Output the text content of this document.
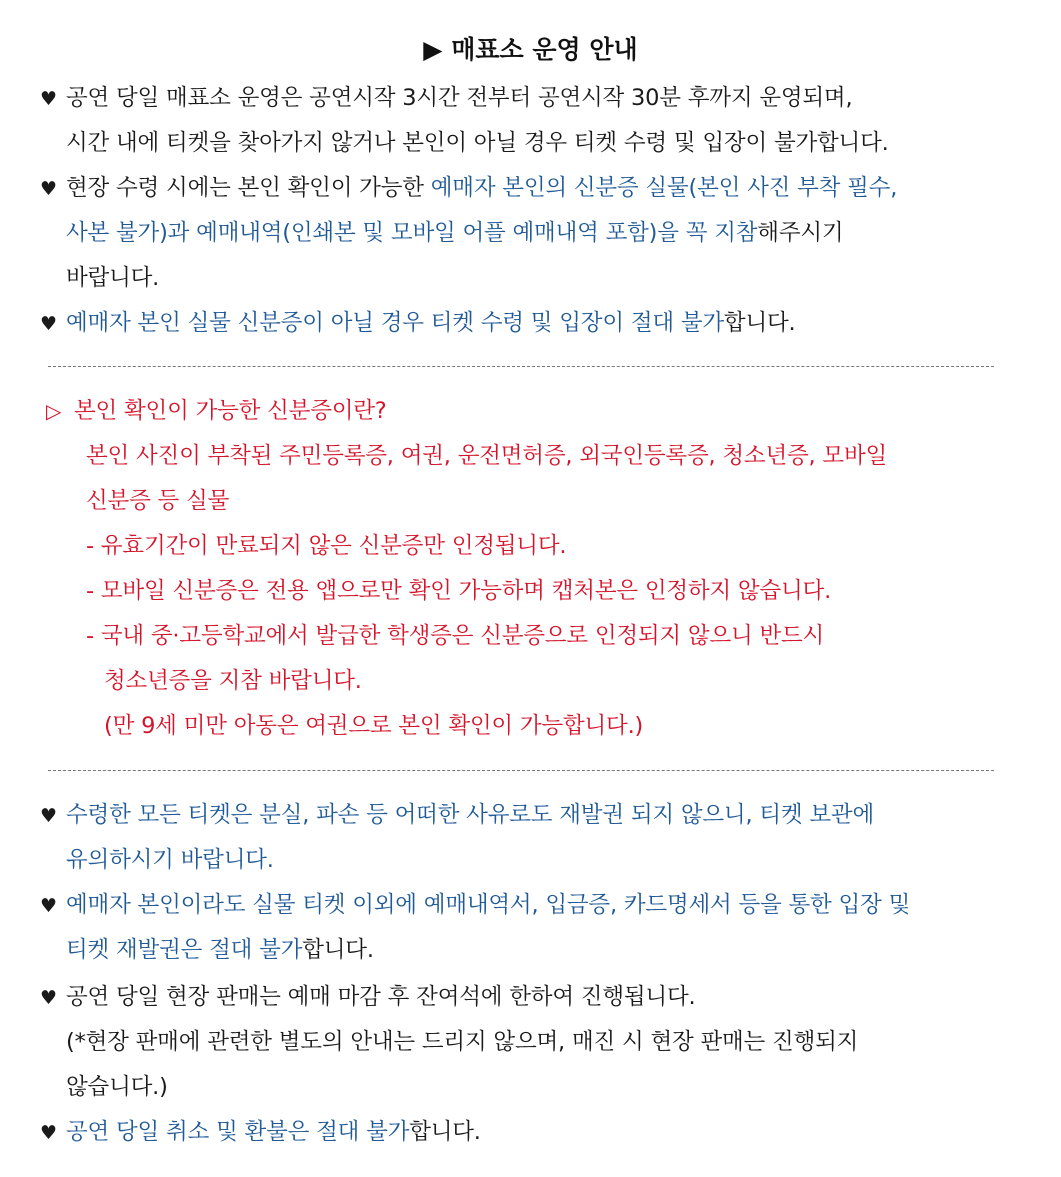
▶ 매표소 운영 안내
♥ 공연 당일 매표소 운영은 공연시작 3시간 전부터 공연시작 30분 후까지 운영되며,
시간 내에 티켓을 찾아가지 않거나 본인이 아닐 경우 티켓 수령 및 입장이 불가합니다.
♥ 현장 수령 시에는 본인 확인이 가능한 예매자 본인의 신분증 실물(본인 사진 부착 필수,
사본 불가)과 예매내역(인쇄본 및 모바일 어플 예매내역 포함)을 꼭 지참해주시기
바랍니다.
♥ 예매자 본인 실물 신분증이 아닐 경우 티켓 수령 및 입장이 절대 불가합니다.
▷ 본인 확인이 가능한 신분증이란?
본인 사진이 부착된 주민등록증, 여권, 운전면허증, 외국인등록증, 청소년증, 모바일
신분증 등 실물
- 유효기간이 만료되지 않은 신분증만 인정됩니다.
- 모바일 신분증은 전용 앱으로만 확인 가능하며 캡처본은 인정하지 않습니다.
- 국내 중·고등학교에서 발급한 학생증은 신분증으로 인정되지 않으니 반드시
청소년증을 지참 바랍니다.
(만 9세 미만 아동은 여권으로 본인 확인이 가능합니다.)
♥ 수령한 모든 티켓은 분실, 파손 등 어떠한 사유로도 재발권 되지 않으니, 티켓 보관에
유의하시기 바랍니다.
♥ 예매자 본인이라도 실물 티켓 이외에 예매내역서, 입금증, 카드명세서 등을 통한 입장 및
티켓 재발권은 절대 불가합니다.
♥ 공연 당일 현장 판매는 예매 마감 후 잔여석에 한하여 진행됩니다.
(*현장 판매에 관련한 별도의 안내는 드리지 않으며, 매진 시 현장 판매는 진행되지
않습니다.)
♥ 공연 당일 취소 및 환불은 절대 불가합니다.
